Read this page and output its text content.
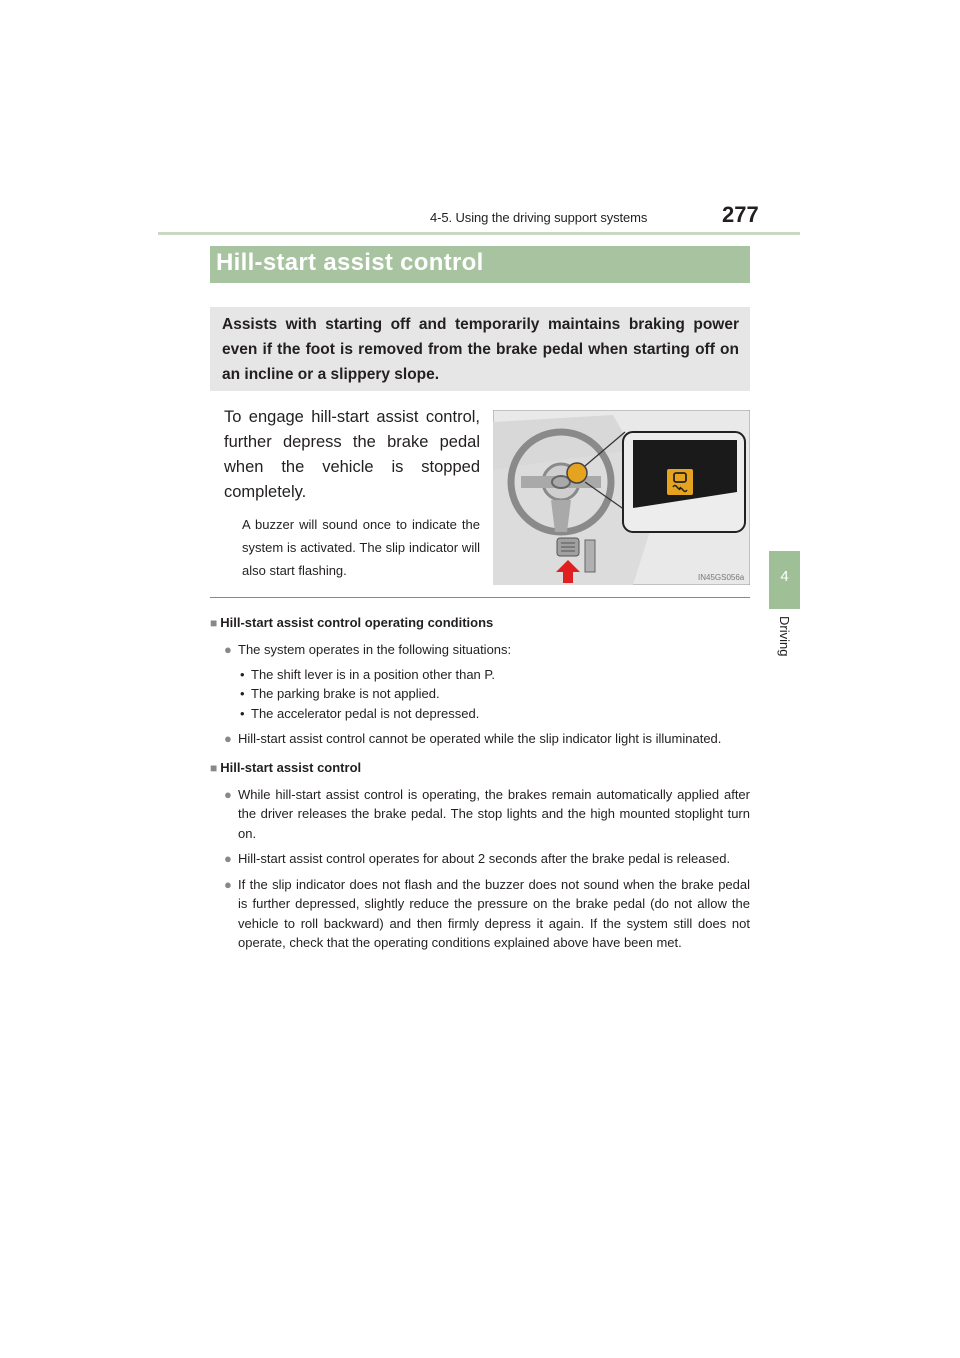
4-5. Using the driving support systems	277
4
Driving
Hill-start assist control

Assists with starting off and temporarily maintains braking power even if the foot is removed from the brake pedal when starting off on an incline or a slippery slope.

To engage hill-start assist control, further depress the brake pedal when the vehicle is stopped completely.

A buzzer will sound once to indicate the system is activated. The slip indicator will also start flashing.	IN45GS056a
■ Hill-start assist control operating conditions
● The system operates in the following situations:
• The shift lever is in a position other than P.
• The parking brake is not applied.
• The accelerator pedal is not depressed.
● Hill-start assist control cannot be operated while the slip indicator light is illuminated.
■ Hill-start assist control
● While hill-start assist control is operating, the brakes remain automatically applied after the driver releases the brake pedal. The stop lights and the high mounted stoplight turn on.
● Hill-start assist control operates for about 2 seconds after the brake pedal is released.
● If the slip indicator does not flash and the buzzer does not sound when the brake pedal is further depressed, slightly reduce the pressure on the brake pedal (do not allow the vehicle to roll backward) and then firmly depress it again. If the system still does not operate, check that the operating conditions explained above have been met.
